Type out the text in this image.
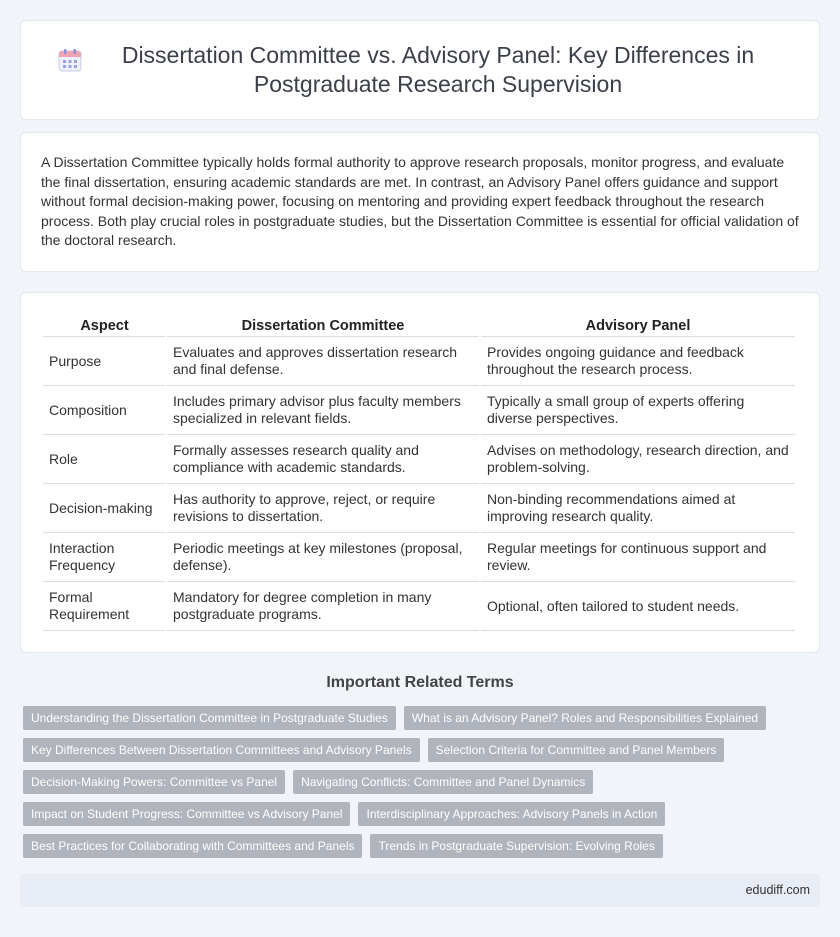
Dissertation Committee vs. Advisory Panel: Key Differences in Postgraduate Research Supervision

A Dissertation Committee typically holds formal authority to approve research proposals, monitor progress, and evaluate the final dissertation, ensuring academic standards are met. In contrast, an Advisory Panel offers guidance and support without formal decision-making power, focusing on mentoring and providing expert feedback throughout the research process. Both play crucial roles in postgraduate studies, but the Dissertation Committee is essential for official validation of the doctoral research.

Aspect	Dissertation Committee	Advisory Panel
Purpose	Evaluates and approves dissertation research and final defense.	Provides ongoing guidance and feedback throughout the research process.
Composition	Includes primary advisor plus faculty members specialized in relevant fields.	Typically a small group of experts offering diverse perspectives.
Role	Formally assesses research quality and compliance with academic standards.	Advises on methodology, research direction, and problem-solving.
Decision-making	Has authority to approve, reject, or require revisions to dissertation.	Non-binding recommendations aimed at improving research quality.
Interaction Frequency	Periodic meetings at key milestones (proposal, defense).	Regular meetings for continuous support and review.
Formal Requirement	Mandatory for degree completion in many postgraduate programs.	Optional, often tailored to student needs.
Important Related Terms
Understanding the Dissertation Committee in Postgraduate Studies	What is an Advisory Panel? Roles and Responsibilities Explained
Key Differences Between Dissertation Committees and Advisory Panels	Selection Criteria for Committee and Panel Members
Decision-Making Powers: Committee vs Panel	Navigating Conflicts: Committee and Panel Dynamics
Impact on Student Progress: Committee vs Advisory Panel	Interdisciplinary Approaches: Advisory Panels in Action
Best Practices for Collaborating with Committees and Panels	Trends in Postgraduate Supervision: Evolving Roles
edudiff.com
